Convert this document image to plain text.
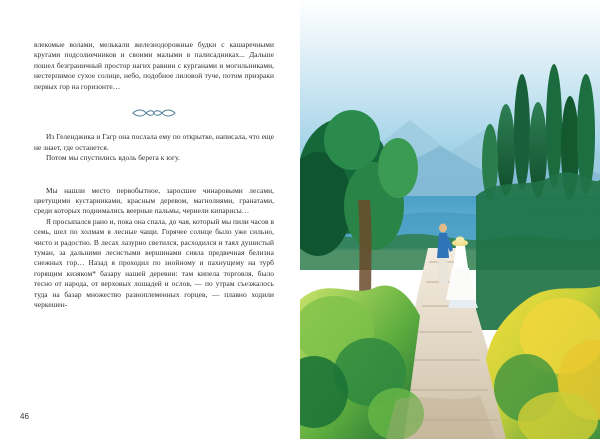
влекомые волами, мелькали железнодорожные будки с кашаречными кругами подсолнечников и своими малыми в палисадниках... Дальше пошел безграничный простор нагих равнин с курганами и могильниками, нестерпимое сухое солнце, небо, подобное лиловой туче, потом призраки первых гор на горизонте…

Из Геленджика и Гагр она послала ему по открытке, написала, что еще не знает, где останется.

Потом мы спустились вдоль берега к югу.

Мы нашли место первобытное, заросшее чинаровыми лесами, цветущими кустарниками, красным деревом, магнолиями, гранатами, среди которых поднимались веерные пальмы, чернели кипарисы…

Я просыпался рано и, пока она спала, до чая, который мы пили часов в семь, шел по холмам в лесные чащи. Горячее солнце было уже сильно, чисто и радостно. В лесах лазурно светился, расходился и таял душистый туман, за дальними лесистыми вершинами сияла предвечная белизна снежных гор… Назад я проходил по знойному и пахнущему на турб горящим кизяком* базару нашей деревни: там кипела торговля, было тесно от народа, от верховых лошадей и ослов, — по утрам съезжалось туда на базар множество разноплеменных горцев, — плавно ходили черкешен-

46
